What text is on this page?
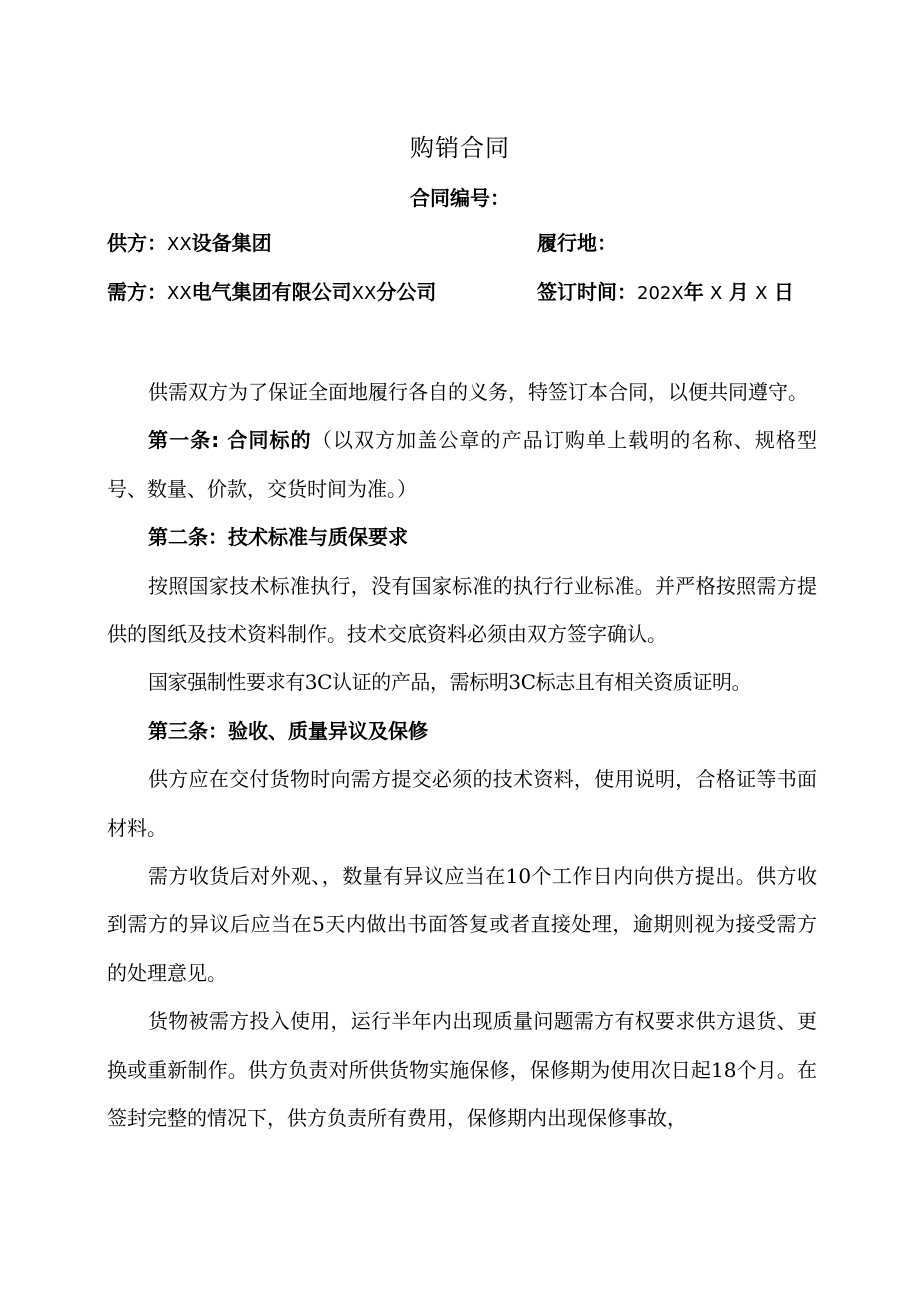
购销合同
合同编号：
供方：XX设备集团	履行地：
需方：XX电气集团有限公司XX分公司	签订时间：202X年 X 月 X 日

供需双方为了保证全面地履行各自的义务，特签订本合同，以便共同遵守。

第一条: 合同标的（以双方加盖公章的产品订购单上载明的名称、规格型号、数量、价款，交货时间为准。）

第二条：技术标准与质保要求

按照国家技术标准执行，没有国家标准的执行行业标准。并严格按照需方提供的图纸及技术资料制作。技术交底资料必须由双方签字确认。

国家强制性要求有3C认证的产品，需标明3C标志且有相关资质证明。

第三条：验收、质量异议及保修

供方应在交付货物时向需方提交必须的技术资料，使用说明，合格证等书面材料。

需方收货后对外观、，数量有异议应当在10个工作日内向供方提出。供方收到需方的异议后应当在5天内做出书面答复或者直接处理，逾期则视为接受需方的处理意见。

货物被需方投入使用，运行半年内出现质量问题需方有权要求供方退货、更换或重新制作。供方负责对所供货物实施保修，保修期为使用次日起18个月。在签封完整的情况下，供方负责所有费用，保修期内出现保修事故，
